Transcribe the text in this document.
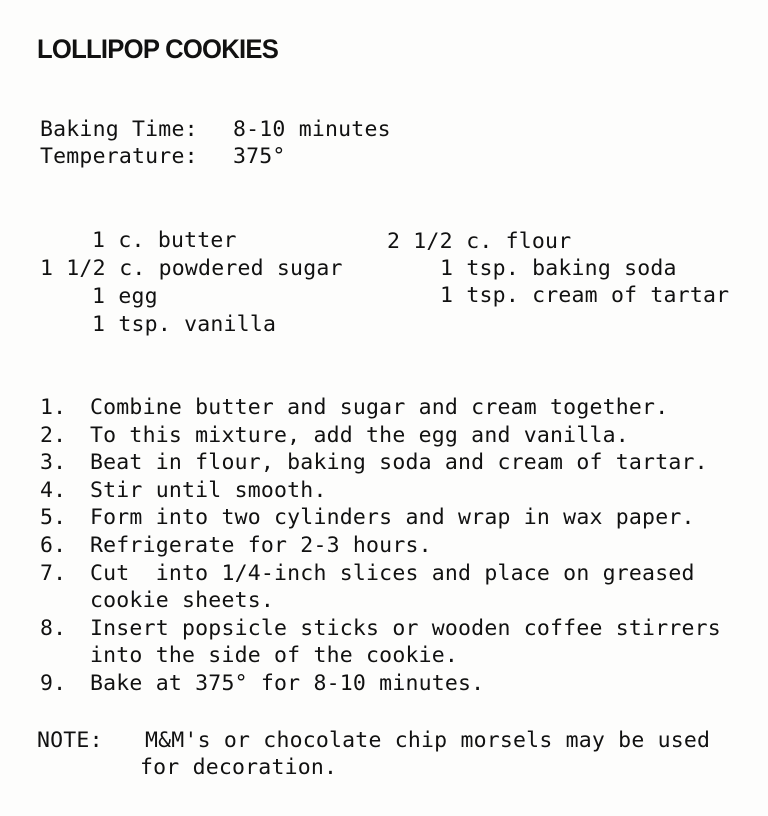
LOLLIPOP COOKIES
Baking Time: 8-10 minutes
Temperature: 375°
1 c. butter
1 1/2 c. powdered sugar
1 egg
1 tsp. vanilla
2 1/2 c. flour
1 tsp. baking soda
1 tsp. cream of tartar
1. Combine butter and sugar and cream together.
2. To this mixture, add the egg and vanilla.
3. Beat in flour, baking soda and cream of tartar.
4. Stir until smooth.
5. Form into two cylinders and wrap in wax paper.
6. Refrigerate for 2-3 hours.
7. Cut  into 1/4-inch slices and place on greased
cookie sheets.
8. Insert popsicle sticks or wooden coffee stirrers
into the side of the cookie.
9. Bake at 375° for 8-10 minutes.
NOTE: M&M's or chocolate chip morsels may be used
for decoration.
